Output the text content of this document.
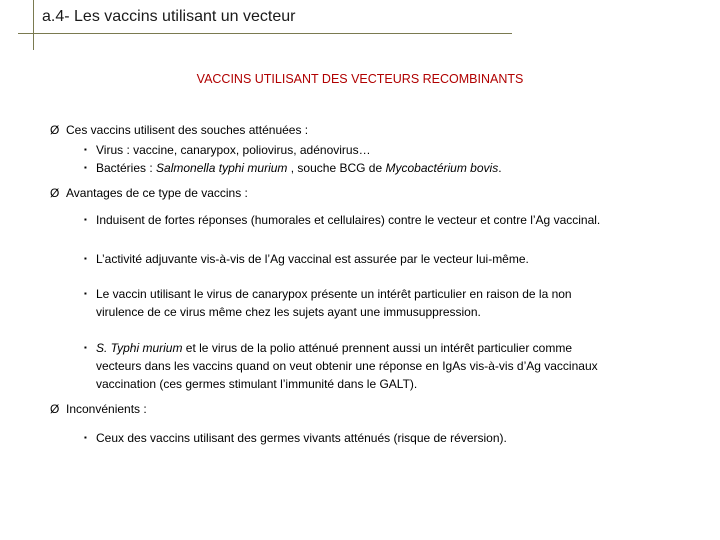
a.4- Les vaccins utilisant un vecteur
VACCINS UTILISANT DES VECTEURS RECOMBINANTS
Ø Ces vaccins utilisent des souches atténuées :
▪ Virus : vaccine, canarypox, poliovirus, adénovirus…
▪ Bactéries : Salmonella typhi murium , souche BCG de Mycobactérium bovis.
Ø Avantages de ce type de vaccins :
▪ Induisent de fortes réponses (humorales et cellulaires) contre le vecteur et contre l’Ag vaccinal.
▪ L’activité adjuvante vis-à-vis de l’Ag vaccinal est assurée par le vecteur lui-même.
▪ Le vaccin utilisant le virus de canarypox présente un intérêt particulier en raison de la non
virulence de ce virus même chez les sujets ayant une immusuppression.
▪ S. Typhi murium et le virus de la polio atténué prennent aussi un intérêt particulier comme
vecteurs dans les vaccins quand on veut obtenir une réponse en IgAs vis-à-vis d’Ag vaccinaux
vaccination (ces germes stimulant l’immunité dans le GALT).
Ø Inconvénients :
▪ Ceux des vaccins utilisant des germes vivants atténués (risque de réversion).
